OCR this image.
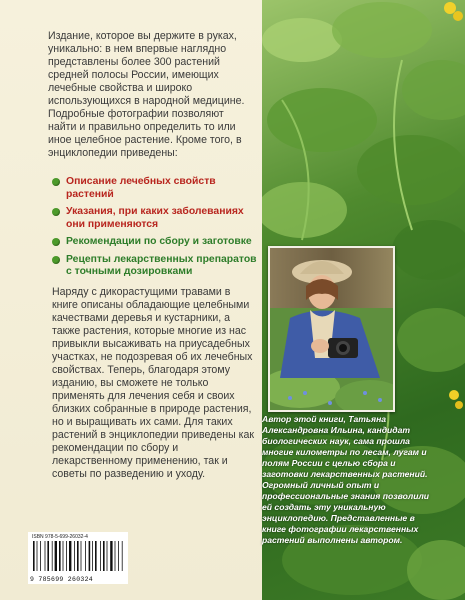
Издание, которое вы держите в руках, уникально: в нем впервые наглядно представлены более 300 растений средней полосы России, имеющих лечебные свойства и широко использующихся в народной медицине. Подробные фотографии позволяют найти и правильно определить то или иное целебное растение. Кроме того, в энциклопедии приведены:

Описание лечебных свойств растений
Указания, при каких заболеваниях они применяются
Рекомендации по сбору и заготовке
Рецепты лекарственных препаратов с точными дозировками

Наряду с дикорастущими травами в книге описаны обладающие целебными качествами деревья и кустарники, а также растения, которые многие из нас привыкли высаживать на приусадебных участках, не подозревая об их лечебных свойствах. Теперь, благодаря этому изданию, вы сможете не только применять для лечения себя и своих близких собранные в природе растения, но и выращивать их сами. Для таких растений в энциклопедии приведены как рекомендации по сбору и лекарственному применению, так и советы по разведению и уходу.

ISBN 978-5-699-26032-4
9 785699 260324

Автор этой книги, Татьяна Александровна Ильина, кандидат биологических наук, сама прошла многие километры по лесам, лугам и полям России с целью сбора и заготовки лекарственных растений. Огромный личный опыт и профессиональные знания позволили ей создать эту уникальную энциклопедию. Представленные в книге фотографии лекарственных растений выполнены автором.
